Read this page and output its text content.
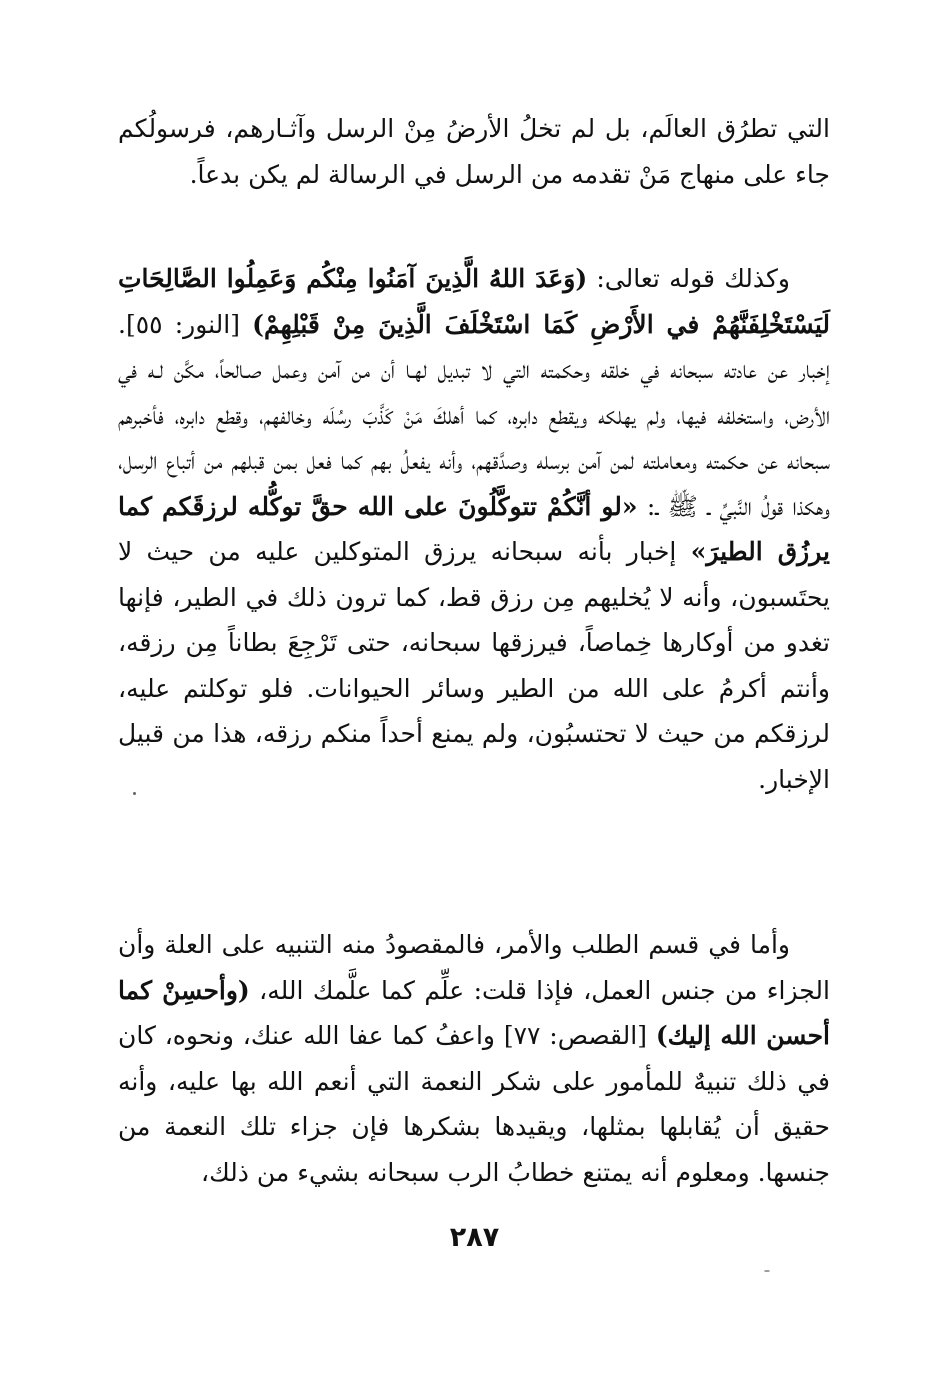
التي تطرُق العالَم، بل لم تخلُ الأرضُ مِنْ الرسل وآثـارهم، فرسولُكم جاء على منهاج مَنْ تقدمه من الرسل في الرسالة لم يكن بدعاً.
وكذلك قوله تعالى: (وَعَدَ اللهُ الَّذِينَ آمَنُوا مِنْكُم وَعَمِلُوا الصَّالِحَاتِ لَيَسْتَخْلِفَنَّهُمْ في الأَرْضِ كَمَا اسْتَخْلَفَ الَّذِينَ مِنْ قَبْلِهِمْ) [النور: ٥٥]. إخبار عن عادته سبحانه في خلقه وحكمته التي لا تبديل لهـا أن من آمن وعمل صـالحاً، مكَّن لـه في الأرض، واستخلفه فيها، ولم يهلكه ويقطع دابره، كما أهلكَ مَنْ كَذَّبَ رسُلَه وخالفهم، وقطع دابره، فأخبرهم سبحانه عن حكمته ومعاملته لمن آمن برسله وصدَّقهم، وأنه يفعلُ بهم كما فعل بمن قبلهم من أتباع الرسل، وهكذا قولُ النَّبيِّ ـ ﷺ ـ: «لو أنَّكُمْ تتوكَّلُونَ على الله حقَّ توكُّله لرزقَكم كما يرزُق الطيرَ» إخبار بأنه سبحانه يرزق المتوكلين عليه من حيث لا يحتَسبون، وأنه لا يُخليهم مِن رزق قط، كما ترون ذلك في الطير، فإنها تغدو من أوكارها خِماصاً، فيرزقها سبحانه، حتى تَرْجِعَ بطاناً مِن رزقه، وأنتم أكرمُ على الله من الطير وسائر الحيوانات. فلو توكلتم عليه، لرزقكم من حيث لا تحتسبُون، ولم يمنع أحداً منكم رزقه، هذا من قبيل الإخبار.
وأما في قسم الطلب والأمر، فالمقصودُ منه التنبيه على العلة وأن الجزاء من جنس العمل، فإذا قلت: علِّم كما علَّمك الله، (وأحسِنْ كما أحسن الله إليك) [القصص: ٧٧] واعفُ كما عفا الله عنك، ونحوه، كان في ذلك تنبيهٌ للمأمور على شكر النعمة التي أنعم الله بها عليه، وأنه حقيق أن يُقابلها بمثلها، ويقيدها بشكرها فإن جزاء تلك النعمة من جنسها. ومعلوم أنه يمتنع خطابُ الرب سبحانه بشيء من ذلك،
٢٨٧
